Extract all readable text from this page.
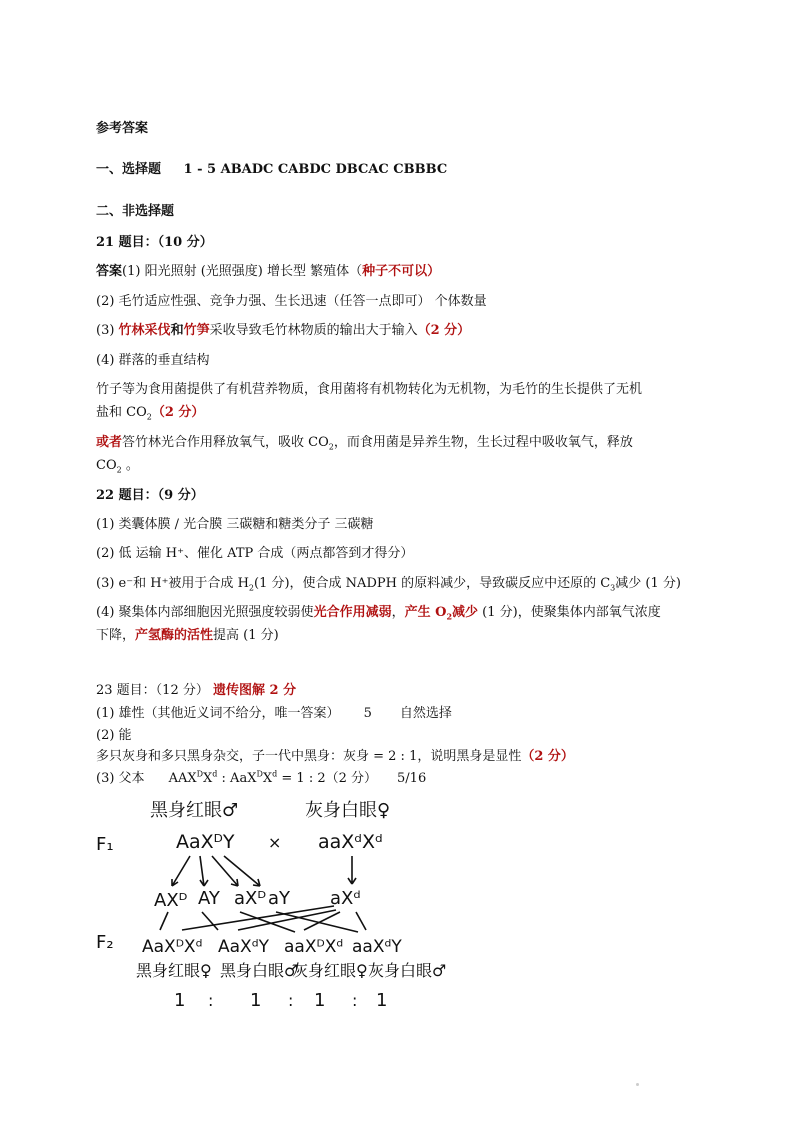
参考答案
一、选择题 1 - 5 ABADC CABDC DBCAC CBBBC
二、非选择题
21 题目：（10 分）
答案(1) 阳光照射 (光照强度) 增长型 繁殖体（种子不可以）
(2) 毛竹适应性强、竞争力强、生长迅速（任答一点即可） 个体数量
(3) 竹林采伐和竹笋采收导致毛竹林物质的输出大于输入（2 分）
(4) 群落的垂直结构
竹子等为食用菌提供了有机营养物质，食用菌将有机物转化为无机物，为毛竹的生长提供了无机
盐和 $CO_2(2$ 分）
或者答竹林光合作用释放氧气，吸收 $CO_2$，而食用菌是异养生物，生长过程中吸收氧气，释放
$CO_2$ 。
22 题目：（9 分）
(1) 类囊体膜 / 光合膜 三碳糖和糖类分子 三碳糖
(2) 低 运输 H⁺、催化 ATP 合成（两点都答到才得分）
(3) e⁻和 H⁺被用于合成 $H_2(1$ 分)，使合成 NADPH 的原料减少，导致碳反应中还原的 $C_3$减少 (1 分)
(4) 聚集体内部细胞因光照强度较弱使光合作用减弱，产生 $O_2$减少 (1 分)，使聚集体内部氧气浓度
下降，产氢酶的活性提高 (1 分)
23 题目：（12 分） 遗传图解 2 分
(1) 雄性（其他近义词不给分，唯一答案） 5 自然选择
(2) 能
多只灰身和多只黑身杂交，子一代中黑身：灰身 = 2 : 1，说明黑身是显性（2 分）
(3) 父本 $AAX^DX^d$ : $AaX^DX^d = 1$ : 2（2 分） 5/16
黑身红眼♂	灰身白眼♀
F₁	AaXᴰY × aaXᵈXᵈ
AXᴰ AY aXᴰ aY aXᵈ
F₂ AaXᴰXᵈ AaXᵈY aaXᴰXᵈ aaXᵈY
黑身红眼♀ 黑身白眼♂
灰身红眼♀ 灰身白眼♂
1 : 1 : 1 : 1
